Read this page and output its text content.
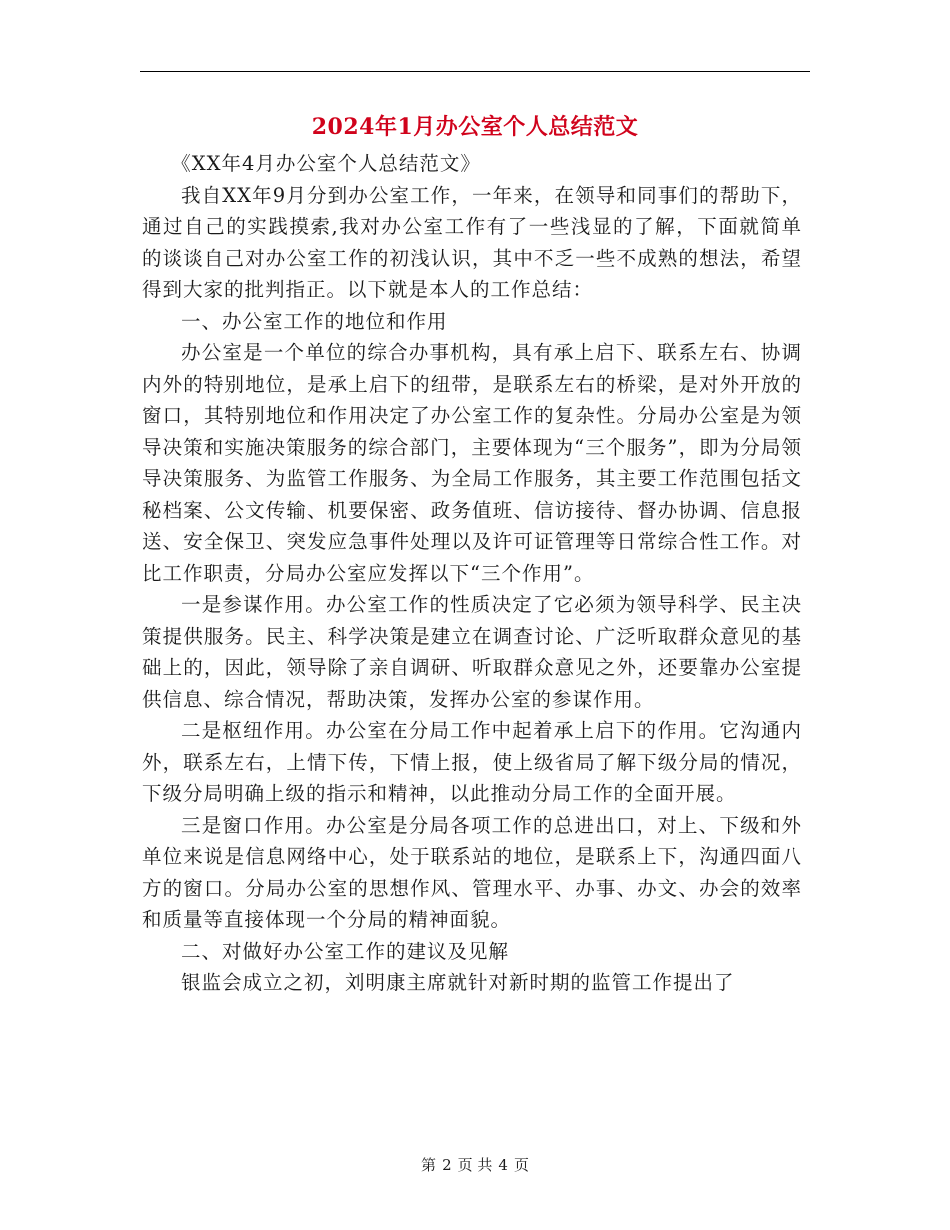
2024年1月办公室个人总结范文

《XX年4月办公室个人总结范文》

我自XX年9月分到办公室工作，一年来，在领导和同事们的帮助下，通过自己的实践摸索,我对办公室工作有了一些浅显的了解，下面就简单的谈谈自己对办公室工作的初浅认识，其中不乏一些不成熟的想法，希望得到大家的批判指正。以下就是本人的工作总结：

一、办公室工作的地位和作用

办公室是一个单位的综合办事机构，具有承上启下、联系左右、协调内外的特别地位，是承上启下的纽带，是联系左右的桥梁，是对外开放的窗口，其特别地位和作用决定了办公室工作的复杂性。分局办公室是为领导决策和实施决策服务的综合部门，主要体现为“三个服务”，即为分局领导决策服务、为监管工作服务、为全局工作服务，其主要工作范围包括文秘档案、公文传输、机要保密、政务值班、信访接待、督办协调、信息报送、安全保卫、突发应急事件处理以及许可证管理等日常综合性工作。对比工作职责，分局办公室应发挥以下“三个作用”。

一是参谋作用。办公室工作的性质决定了它必须为领导科学、民主决策提供服务。民主、科学决策是建立在调查讨论、广泛听取群众意见的基础上的，因此，领导除了亲自调研、听取群众意见之外，还要靠办公室提供信息、综合情况，帮助决策，发挥办公室的参谋作用。

二是枢纽作用。办公室在分局工作中起着承上启下的作用。它沟通内外，联系左右，上情下传，下情上报，使上级省局了解下级分局的情况，下级分局明确上级的指示和精神，以此推动分局工作的全面开展。

三是窗口作用。办公室是分局各项工作的总进出口，对上、下级和外单位来说是信息网络中心，处于联系站的地位，是联系上下，沟通四面八方的窗口。分局办公室的思想作风、管理水平、办事、办文、办会的效率和质量等直接体现一个分局的精神面貌。

二、对做好办公室工作的建议及见解

银监会成立之初，刘明康主席就针对新时期的监管工作提出了

第 2 页 共 4 页
